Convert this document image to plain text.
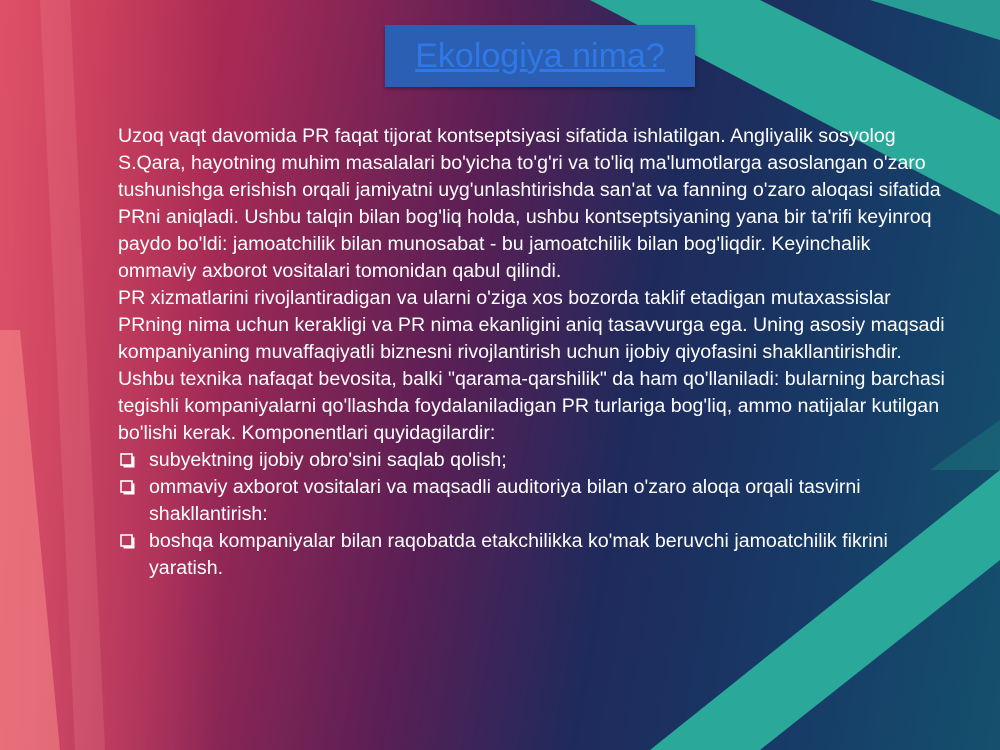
Ekologiya nima?

Uzoq vaqt davomida PR faqat tijorat kontseptsiyasi sifatida ishlatilgan. Angliyalik sosyolog S.Qara, hayotning muhim masalalari bo'yicha to'g'ri va to'liq ma'lumotlarga asoslangan o'zaro tushunishga erishish orqali jamiyatni uyg'unlashtirishda san'at va fanning o'zaro aloqasi sifatida PRni aniqladi. Ushbu talqin bilan bog'liq holda, ushbu kontseptsiyaning yana bir ta'rifi keyinroq paydo bo'ldi: jamoatchilik bilan munosabat - bu jamoatchilik bilan bog'liqdir. Keyinchalik ommaviy axborot vositalari tomonidan qabul qilindi.

PR xizmatlarini rivojlantiradigan va ularni o'ziga xos bozorda taklif etadigan mutaxassislar PRning nima uchun kerakligi va PR nima ekanligini aniq tasavvurga ega. Uning asosiy maqsadi kompaniyaning muvaffaqiyatli biznesni rivojlantirish uchun ijobiy qiyofasini shakllantirishdir. Ushbu texnika nafaqat bevosita, balki "qarama-qarshilik" da ham qo'llaniladi: bularning barchasi tegishli kompaniyalarni qo'llashda foydalaniladigan PR turlariga bog'liq, ammo natijalar kutilgan bo'lishi kerak. Komponentlari quyidagilardir:

subyektning ijobiy obro'sini saqlab qolish;
ommaviy axborot vositalari va maqsadli auditoriya bilan o'zaro aloqa orqali tasvirni shakllantirish:
boshqa kompaniyalar bilan raqobatda etakchilikka ko'mak beruvchi jamoatchilik fikrini yaratish.
